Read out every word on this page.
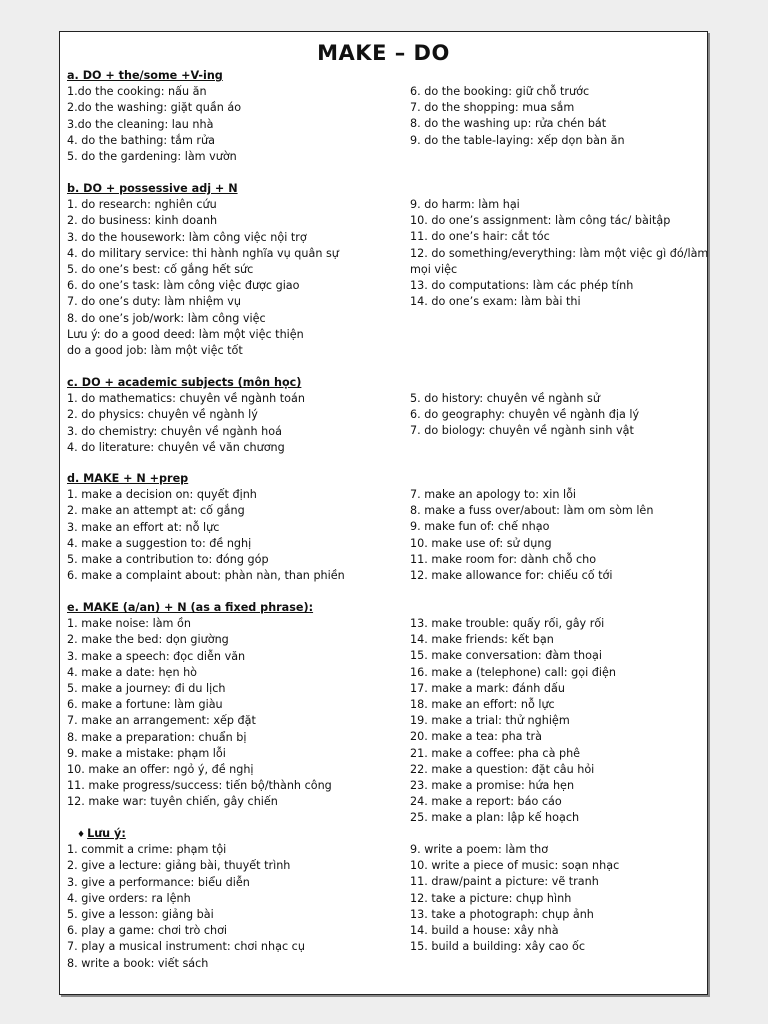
MAKE – DO
a. DO + the/some +V-ing
1.do the cooking: nấu ăn
2.do the washing: giặt quần áo
3.do the cleaning: lau nhà
4. do the bathing: tắm rửa
5. do the gardening: làm vườn
6. do the booking: giữ chỗ trước
7. do the shopping: mua sắm
8. do the washing up: rửa chén bát
9. do the table-laying: xếp dọn bàn ăn
b. DO + possessive adj + N
1. do research: nghiên cứu
2. do business: kinh doanh
3. do the housework: làm công việc nội trợ
4. do military service: thi hành nghĩa vụ quân sự
5. do one’s best: cố gắng hết sức
6. do one’s task: làm công việc được giao
7. do one’s duty: làm nhiệm vụ
8. do one’s job/work: làm công việc
Lưu ý: do a good deed: làm một việc thiện
do a good job: làm một việc tốt
9. do harm: làm hại
10. do one’s assignment: làm công tác/ bàitập
11. do one’s hair: cắt tóc
12. do something/everything: làm một việc gì đó/làm
mọi việc
13. do computations: làm các phép tính
14. do one’s exam: làm bài thi
c. DO + academic subjects (môn học)
1. do mathematics: chuyên về ngành toán
2. do physics: chuyên về ngành lý
3. do chemistry: chuyên về ngành hoá
4. do literature: chuyên về văn chương
5. do history: chuyên về ngành sử
6. do geography: chuyên về ngành địa lý
7. do biology: chuyên về ngành sinh vật
d. MAKE + N +prep
1. make a decision on: quyết định
2. make an attempt at: cố gắng
3. make an effort at: nỗ lực
4. make a suggestion to: đề nghị
5. make a contribution to: đóng góp
6. make a complaint about: phàn nàn, than phiền
7. make an apology to: xin lỗi
8. make a fuss over/about: làm om sòm lên
9. make fun of: chế nhạo
10. make use of: sử dụng
11. make room for: dành chỗ cho
12. make allowance for: chiếu cố tới
e. MAKE (a/an) + N (as a fixed phrase):
1. make noise: làm ồn
2. make the bed: dọn giường
3. make a speech: đọc diễn văn
4. make a date: hẹn hò
5. make a journey: đi du lịch
6. make a fortune: làm giàu
7. make an arrangement: xếp đặt
8. make a preparation: chuẩn bị
9. make a mistake: phạm lỗi
10. make an offer: ngỏ ý, đề nghị
11. make progress/success: tiến bộ/thành công
12. make war: tuyên chiến, gây chiến
13. make trouble: quấy rối, gây rối
14. make friends: kết bạn
15. make conversation: đàm thoại
16. make a (telephone) call: gọi điện
17. make a mark: đánh dấu
18. make an effort: nỗ lực
19. make a trial: thử nghiệm
20. make a tea: pha trà
21. make a coffee: pha cà phê
22. make a question: đặt câu hỏi
23. make a promise: hứa hẹn
24. make a report: báo cáo
25. make a plan: lập kế hoạch
♦ Lưu ý:
1. commit a crime: phạm tội
2. give a lecture: giảng bài, thuyết trình
3. give a performance: biểu diễn
4. give orders: ra lệnh
5. give a lesson: giảng bài
6. play a game: chơi trò chơi
7. play a musical instrument: chơi nhạc cụ
8. write a book: viết sách
9. write a poem: làm thơ
10. write a piece of music: soạn nhạc
11. draw/paint a picture: vẽ tranh
12. take a picture: chụp hình
13. take a photograph: chụp ảnh
14. build a house: xây nhà
15. build a building: xây cao ốc
